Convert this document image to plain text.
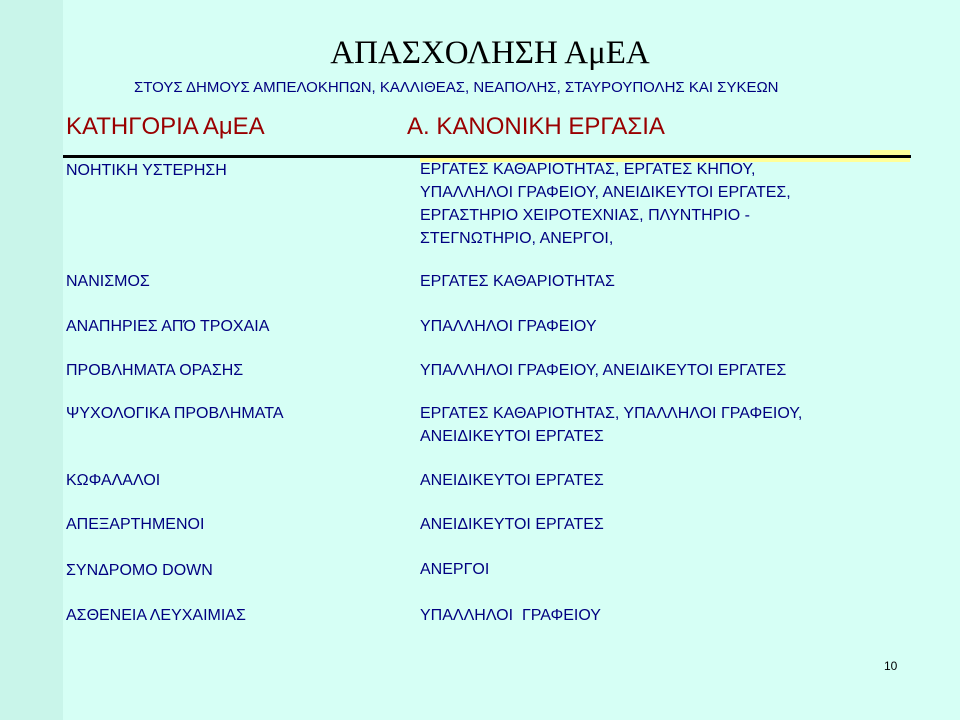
ΑΠΑΣΧΟΛΗΣΗ ΑμΕΑ
ΣΤΟΥΣ ΔΗΜΟΥΣ ΑΜΠΕΛΟΚΗΠΩΝ, ΚΑΛΛΙΘΕΑΣ, ΝΕΑΠΟΛΗΣ, ΣΤΑΥΡΟΥΠΟΛΗΣ ΚΑΙ ΣΥΚΕΩΝ
ΚΑΤΗΓΟΡΙΑ ΑμΕΑ	Α. ΚΑΝΟΝΙΚΗ ΕΡΓΑΣΙΑ
ΝΟΗΤΙΚΗ ΥΣΤΕΡΗΣΗ	ΕΡΓΑΤΕΣ ΚΑΘΑΡΙΟΤΗΤΑΣ, ΕΡΓΑΤΕΣ ΚΗΠΟΥ,
ΥΠΑΛΛΗΛΟΙ ΓΡΑΦΕΙΟΥ, ΑΝΕΙΔΙΚΕΥΤΟΙ ΕΡΓΑΤΕΣ,
ΕΡΓΑΣΤΗΡΙΟ ΧΕΙΡΟΤΕΧΝΙΑΣ, ΠΛΥΝΤΗΡΙΟ -
ΣΤΕΓΝΩΤΗΡΙΟ, ΑΝΕΡΓΟΙ,
ΝΑΝΙΣΜΟΣ	ΕΡΓΑΤΕΣ ΚΑΘΑΡΙΟΤΗΤΑΣ
ΑΝΑΠΗΡΙΕΣ ΑΠΌ ΤΡΟΧΑΙΑ	ΥΠΑΛΛΗΛΟΙ ΓΡΑΦΕΙΟΥ
ΠΡΟΒΛΗΜΑΤΑ ΟΡΑΣΗΣ	ΥΠΑΛΛΗΛΟΙ ΓΡΑΦΕΙΟΥ, ΑΝΕΙΔΙΚΕΥΤΟΙ ΕΡΓΑΤΕΣ
ΨΥΧΟΛΟΓΙΚΑ ΠΡΟΒΛΗΜΑΤΑ	ΕΡΓΑΤΕΣ ΚΑΘΑΡΙΟΤΗΤΑΣ, ΥΠΑΛΛΗΛΟΙ ΓΡΑΦΕΙΟΥ,
ΑΝΕΙΔΙΚΕΥΤΟΙ ΕΡΓΑΤΕΣ
ΚΩΦΑΛΑΛΟΙ	ΑΝΕΙΔΙΚΕΥΤΟΙ ΕΡΓΑΤΕΣ
ΑΠΕΞΑΡΤΗΜΕΝΟΙ	ΑΝΕΙΔΙΚΕΥΤΟΙ ΕΡΓΑΤΕΣ
ΣΥΝΔΡΟΜΟ DOWN	ΑΝΕΡΓΟΙ
ΑΣΘΕΝΕΙΑ ΛΕΥΧΑΙΜΙΑΣ	ΥΠΑΛΛΗΛΟΙ  ΓΡΑΦΕΙΟΥ
10
